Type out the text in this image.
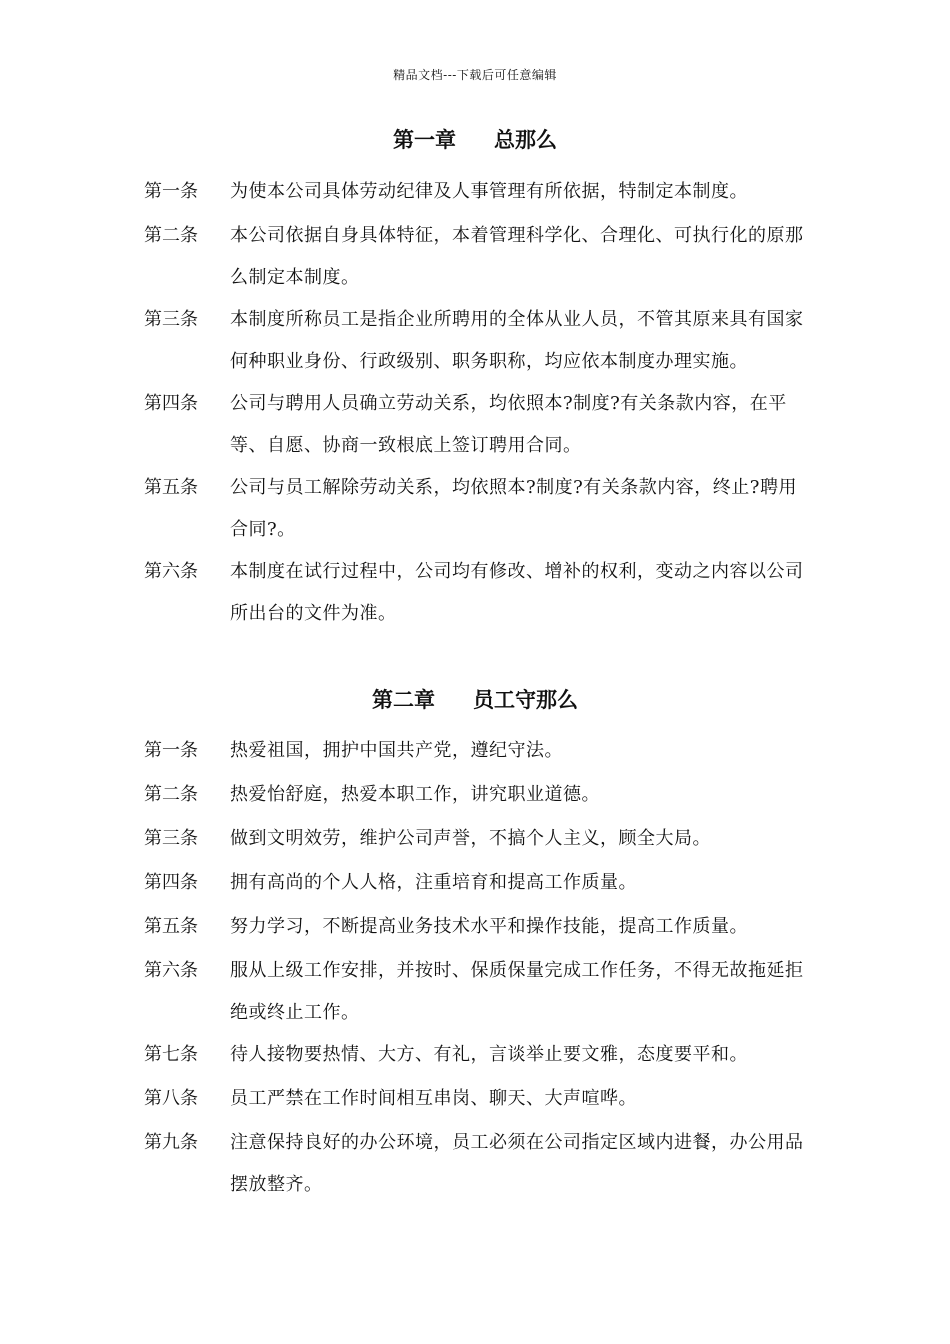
精品文档---下载后可任意编辑
第一章 总那么
第一条 为使本公司具体劳动纪律及人事管理有所依据，特制定本制度。
第二条 本公司依据自身具体特征，本着管理科学化、合理化、可执行化的原那么制定本制度。
第三条 本制度所称员工是指企业所聘用的全体从业人员，不管其原来具有国家何种职业身份、行政级别、职务职称，均应依本制度办理实施。
第四条 公司与聘用人员确立劳动关系，均依照本?制度?有关条款内容，在平等、自愿、协商一致根底上签订聘用合同。
第五条 公司与员工解除劳动关系，均依照本?制度?有关条款内容，终止?聘用合同?。
第六条 本制度在试行过程中，公司均有修改、增补的权利，变动之内容以公司所出台的文件为准。
第二章 员工守那么
第一条 热爱祖国，拥护中国共产党，遵纪守法。
第二条 热爱怡舒庭，热爱本职工作，讲究职业道德。
第三条 做到文明效劳，维护公司声誉，不搞个人主义，顾全大局。
第四条 拥有高尚的个人人格，注重培育和提高工作质量。
第五条 努力学习，不断提高业务技术水平和操作技能，提高工作质量。
第六条 服从上级工作安排，并按时、保质保量完成工作任务，不得无故拖延拒绝或终止工作。
第七条 待人接物要热情、大方、有礼，言谈举止要文雅，态度要平和。
第八条 员工严禁在工作时间相互串岗、聊天、大声喧哗。
第九条 注意保持良好的办公环境，员工必须在公司指定区域内进餐，办公用品摆放整齐。
